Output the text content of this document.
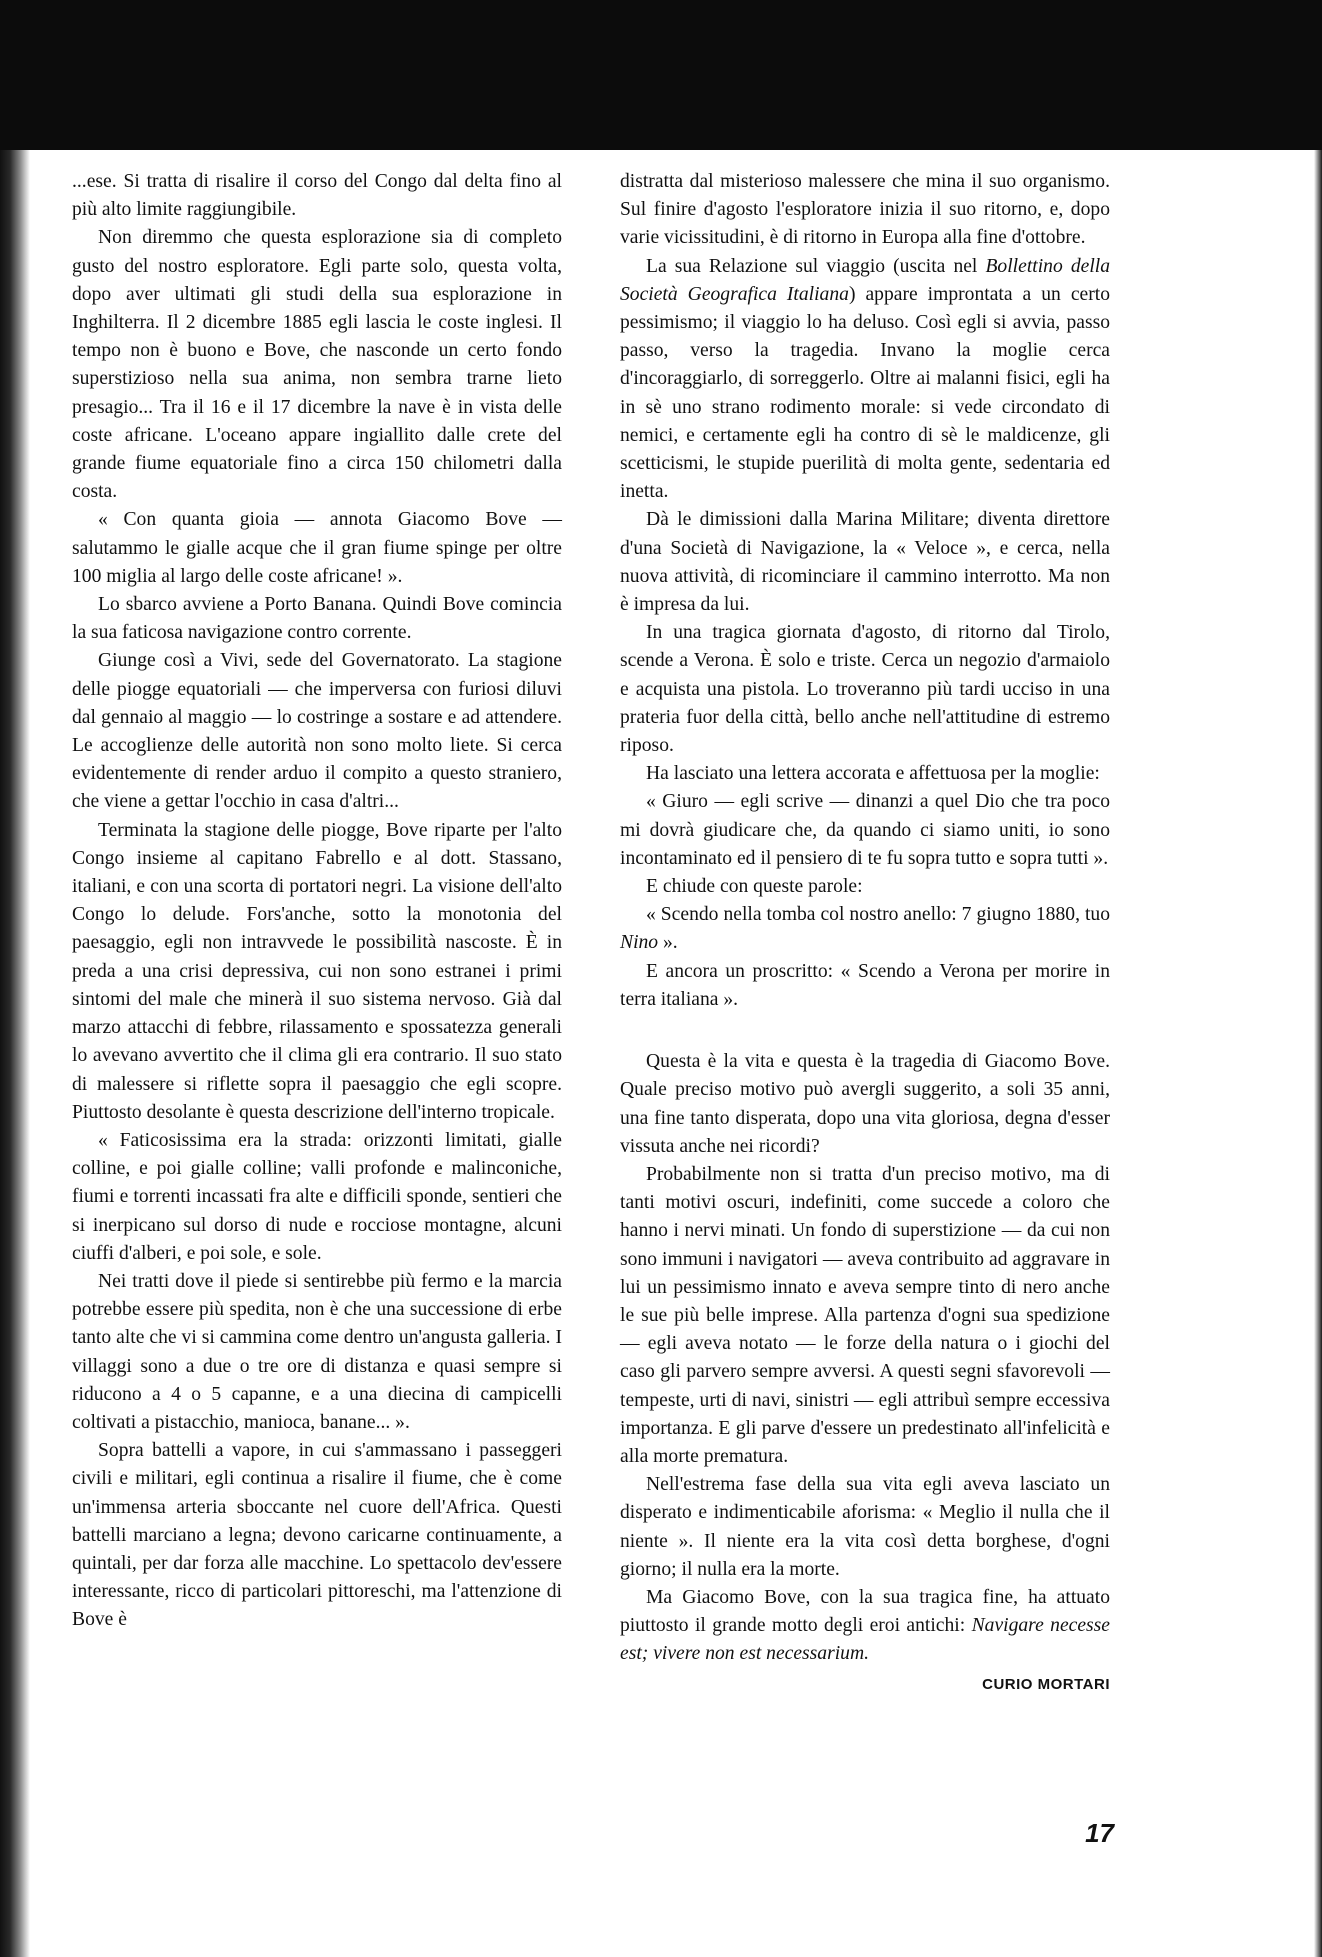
...ese. Si tratta di risalire il corso del Congo dal delta fino al più alto limite raggiungibile.

Non diremmo che questa esplorazione sia di completo gusto del nostro esploratore. Egli parte solo, questa volta, dopo aver ultimati gli studi della sua esplorazione in Inghilterra. Il 2 dicembre 1885 egli lascia le coste inglesi. Il tempo non è buono e Bove, che nasconde un certo fondo superstizioso nella sua anima, non sembra trarne lieto presagio... Tra il 16 e il 17 dicembre la nave è in vista delle coste africane. L'oceano appare ingiallito dalle crete del grande fiume equatoriale fino a circa 150 chilometri dalla costa.

« Con quanta gioia — annota Giacomo Bove — salutammo le gialle acque che il gran fiume spinge per oltre 100 miglia al largo delle coste africane! ».

Lo sbarco avviene a Porto Banana. Quindi Bove comincia la sua faticosa navigazione contro corrente.

Giunge così a Vivi, sede del Governatorato. La stagione delle piogge equatoriali — che imperversa con furiosi diluvi dal gennaio al maggio — lo costringe a sostare e ad attendere. Le accoglienze delle autorità non sono molto liete. Si cerca evidentemente di render arduo il compito a questo straniero, che viene a gettar l'occhio in casa d'altri...

Terminata la stagione delle piogge, Bove riparte per l'alto Congo insieme al capitano Fabrello e al dott. Stassano, italiani, e con una scorta di portatori negri. La visione dell'alto Congo lo delude. Fors'anche, sotto la monotonia del paesaggio, egli non intravvede le possibilità nascoste. È in preda a una crisi depressiva, cui non sono estranei i primi sintomi del male che minerà il suo sistema nervoso. Già dal marzo attacchi di febbre, rilassamento e spossatezza generali lo avevano avvertito che il clima gli era contrario. Il suo stato di malessere si riflette sopra il paesaggio che egli scopre. Piuttosto desolante è questa descrizione dell'interno tropicale.

« Faticosissima era la strada: orizzonti limitati, gialle colline, e poi gialle colline; valli profonde e malinconiche, fiumi e torrenti incassati fra alte e difficili sponde, sentieri che si inerpicano sul dorso di nude e rocciose montagne, alcuni ciuffi d'alberi, e poi sole, e sole.

Nei tratti dove il piede si sentirebbe più fermo e la marcia potrebbe essere più spedita, non è che una successione di erbe tanto alte che vi si cammina come dentro un'angusta galleria. I villaggi sono a due o tre ore di distanza e quasi sempre si riducono a 4 o 5 capanne, e a una diecina di campicelli coltivati a pistacchio, manioca, banane... ».

Sopra battelli a vapore, in cui s'ammassano i passeggeri civili e militari, egli continua a risalire il fiume, che è come un'immensa arteria sboccante nel cuore dell'Africa. Questi battelli marciano a legna; devono caricarne continuamente, a quintali, per dar forza alle macchine. Lo spettacolo dev'essere interessante, ricco di particolari pittoreschi, ma l'attenzione di Bove è

distratta dal misterioso malessere che mina il suo organismo. Sul finire d'agosto l'esploratore inizia il suo ritorno, e, dopo varie vicissitudini, è di ritorno in Europa alla fine d'ottobre.

La sua Relazione sul viaggio (uscita nel Bollettino della Società Geografica Italiana) appare improntata a un certo pessimismo; il viaggio lo ha deluso. Così egli si avvia, passo passo, verso la tragedia. Invano la moglie cerca d'incoraggiarlo, di sorreggerlo. Oltre ai malanni fisici, egli ha in sè uno strano rodimento morale: si vede circondato di nemici, e certamente egli ha contro di sè le maldicenze, gli scetticismi, le stupide puerilità di molta gente, sedentaria ed inetta.

Dà le dimissioni dalla Marina Militare; diventa direttore d'una Società di Navigazione, la « Veloce », e cerca, nella nuova attività, di ricominciare il cammino interrotto. Ma non è impresa da lui.

In una tragica giornata d'agosto, di ritorno dal Tirolo, scende a Verona. È solo e triste. Cerca un negozio d'armaiolo e acquista una pistola. Lo troveranno più tardi ucciso in una prateria fuor della città, bello anche nell'attitudine di estremo riposo.

Ha lasciato una lettera accorata e affettuosa per la moglie:

« Giuro — egli scrive — dinanzi a quel Dio che tra poco mi dovrà giudicare che, da quando ci siamo uniti, io sono incontaminato ed il pensiero di te fu sopra tutto e sopra tutti ».

E chiude con queste parole:

« Scendo nella tomba col nostro anello: 7 giugno 1880, tuo Nino ».

E ancora un proscritto: « Scendo a Verona per morire in terra italiana ».

Questa è la vita e questa è la tragedia di Giacomo Bove. Quale preciso motivo può avergli suggerito, a soli 35 anni, una fine tanto disperata, dopo una vita gloriosa, degna d'esser vissuta anche nei ricordi?

Probabilmente non si tratta d'un preciso motivo, ma di tanti motivi oscuri, indefiniti, come succede a coloro che hanno i nervi minati. Un fondo di superstizione — da cui non sono immuni i navigatori — aveva contribuito ad aggravare in lui un pessimismo innato e aveva sempre tinto di nero anche le sue più belle imprese. Alla partenza d'ogni sua spedizione — egli aveva notato — le forze della natura o i giochi del caso gli parvero sempre avversi. A questi segni sfavorevoli — tempeste, urti di navi, sinistri — egli attribuì sempre eccessiva importanza. E gli parve d'essere un predestinato all'infelicità e alla morte prematura.

Nell'estrema fase della sua vita egli aveva lasciato un disperato e indimenticabile aforisma: « Meglio il nulla che il niente ». Il niente era la vita così detta borghese, d'ogni giorno; il nulla era la morte.

Ma Giacomo Bove, con la sua tragica fine, ha attuato piuttosto il grande motto degli eroi antichi: Navigare necesse est; vivere non est necessarium.

CURIO MORTARI
17
